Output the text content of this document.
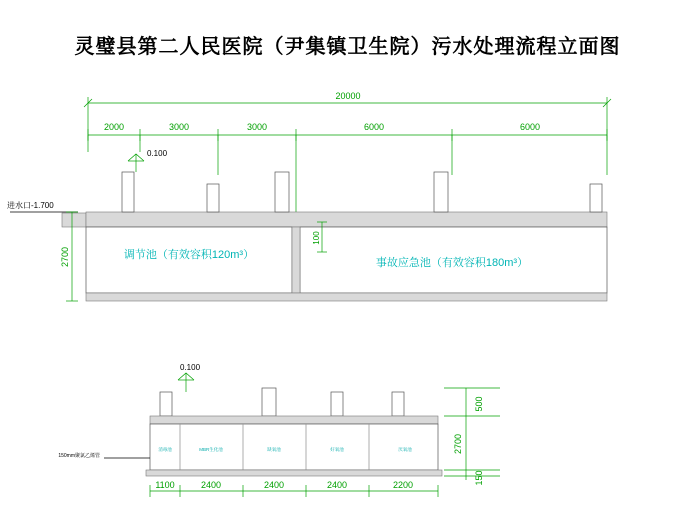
灵璧县第二人民医院（尹集镇卫生院）污水处理流程立面图
20000
2000	3000	3000	6000	6000
0.100
进水口-1.700
2700
100
调节池（有效容积120m³）
事故应急池（有效容积180m³）
0.100
150mm聚氯乙烯管
消毒池	MBR生化池	缺氧池	好氧池	厌氧池
500
2700
150
1100	2400	2400	2400	2200
